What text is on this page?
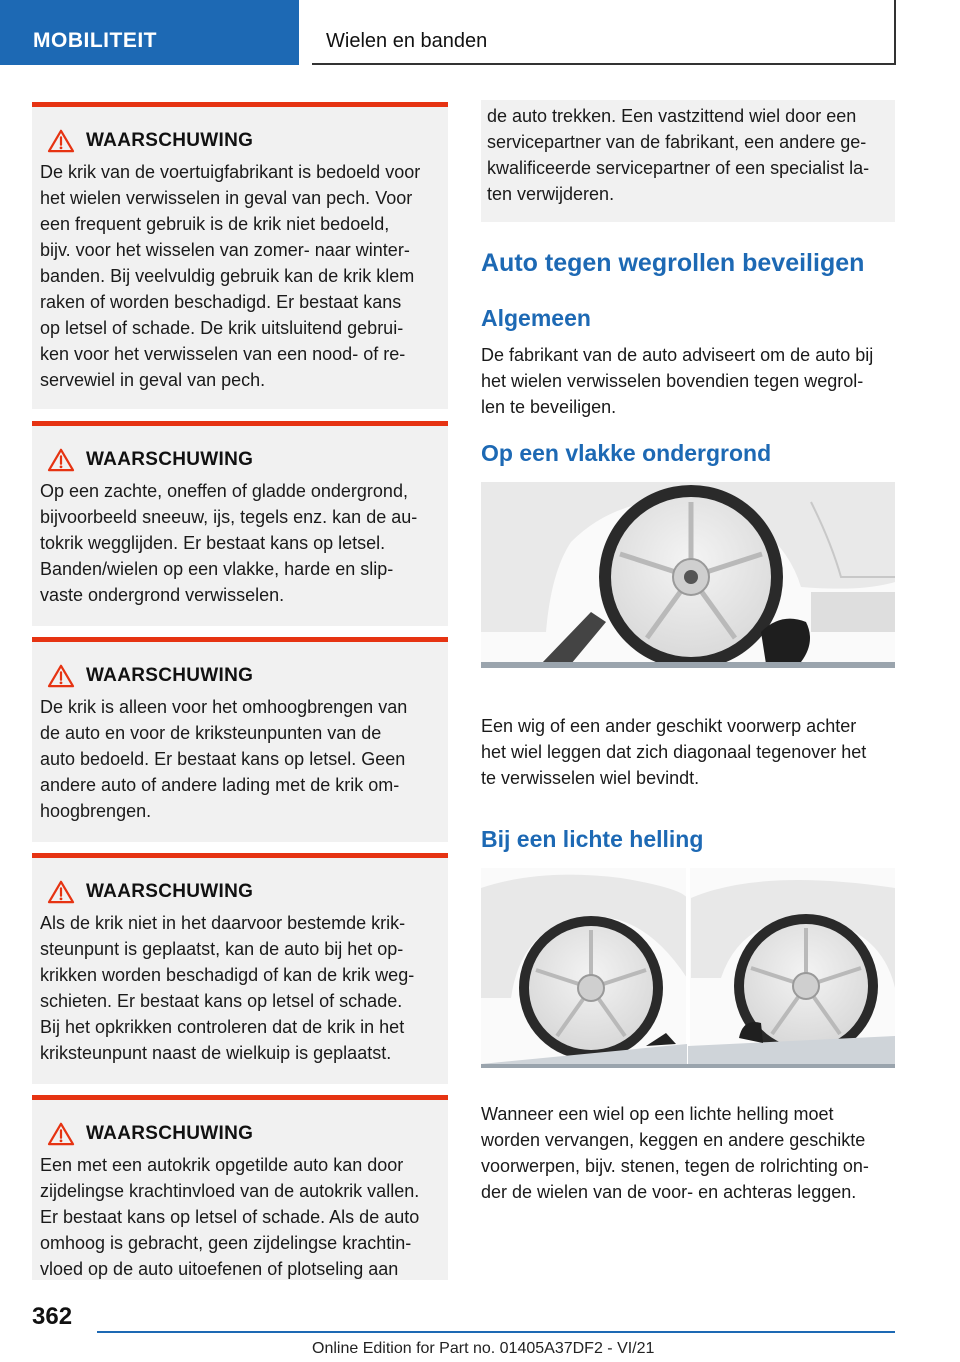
MOBILITEIT	Wielen en banden
WAARSCHUWING
De krik van de voertuigfabrikant is bedoeld voor
het wielen verwisselen in geval van pech. Voor
een frequent gebruik is de krik niet bedoeld,
bijv. voor het wisselen van zomer- naar winter-
banden. Bij veelvuldig gebruik kan de krik klem
raken of worden beschadigd. Er bestaat kans
op letsel of schade. De krik uitsluitend gebrui-
ken voor het verwisselen van een nood- of re-
servewiel in geval van pech.
WAARSCHUWING
Op een zachte, oneffen of gladde ondergrond,
bijvoorbeeld sneeuw, ijs, tegels enz. kan de au-
tokrik wegglijden. Er bestaat kans op letsel.
Banden/wielen op een vlakke, harde en slip-
vaste ondergrond verwisselen.
WAARSCHUWING
De krik is alleen voor het omhoogbrengen van
de auto en voor de kriksteunpunten van de
auto bedoeld. Er bestaat kans op letsel. Geen
andere auto of andere lading met de krik om-
hoogbrengen.
WAARSCHUWING
Als de krik niet in het daarvoor bestemde krik-
steunpunt is geplaatst, kan de auto bij het op-
krikken worden beschadigd of kan de krik weg-
schieten. Er bestaat kans op letsel of schade.
Bij het opkrikken controleren dat de krik in het
kriksteunpunt naast de wielkuip is geplaatst.
WAARSCHUWING
Een met een autokrik opgetilde auto kan door
zijdelingse krachtinvloed van de autokrik vallen.
Er bestaat kans op letsel of schade. Als de auto
omhoog is gebracht, geen zijdelingse krachtin-
vloed op de auto uitoefenen of plotseling aan
de auto trekken. Een vastzittend wiel door een
servicepartner van de fabrikant, een andere ge-
kwalificeerde servicepartner of een specialist la-
ten verwijderen.
Auto tegen wegrollen beveiligen
Algemeen
De fabrikant van de auto adviseert om de auto bij
het wielen verwisselen bovendien tegen wegrol-
len te beveiligen.
Op een vlakke ondergrond
Een wig of een ander geschikt voorwerp achter
het wiel leggen dat zich diagonaal tegenover het
te verwisselen wiel bevindt.
Bij een lichte helling
Wanneer een wiel op een lichte helling moet
worden vervangen, keggen en andere geschikte
voorwerpen, bijv. stenen, tegen de rolrichting on-
der de wielen van de voor- en achteras leggen.
362
Online Edition for Part no. 01405A37DF2 - VI/21
